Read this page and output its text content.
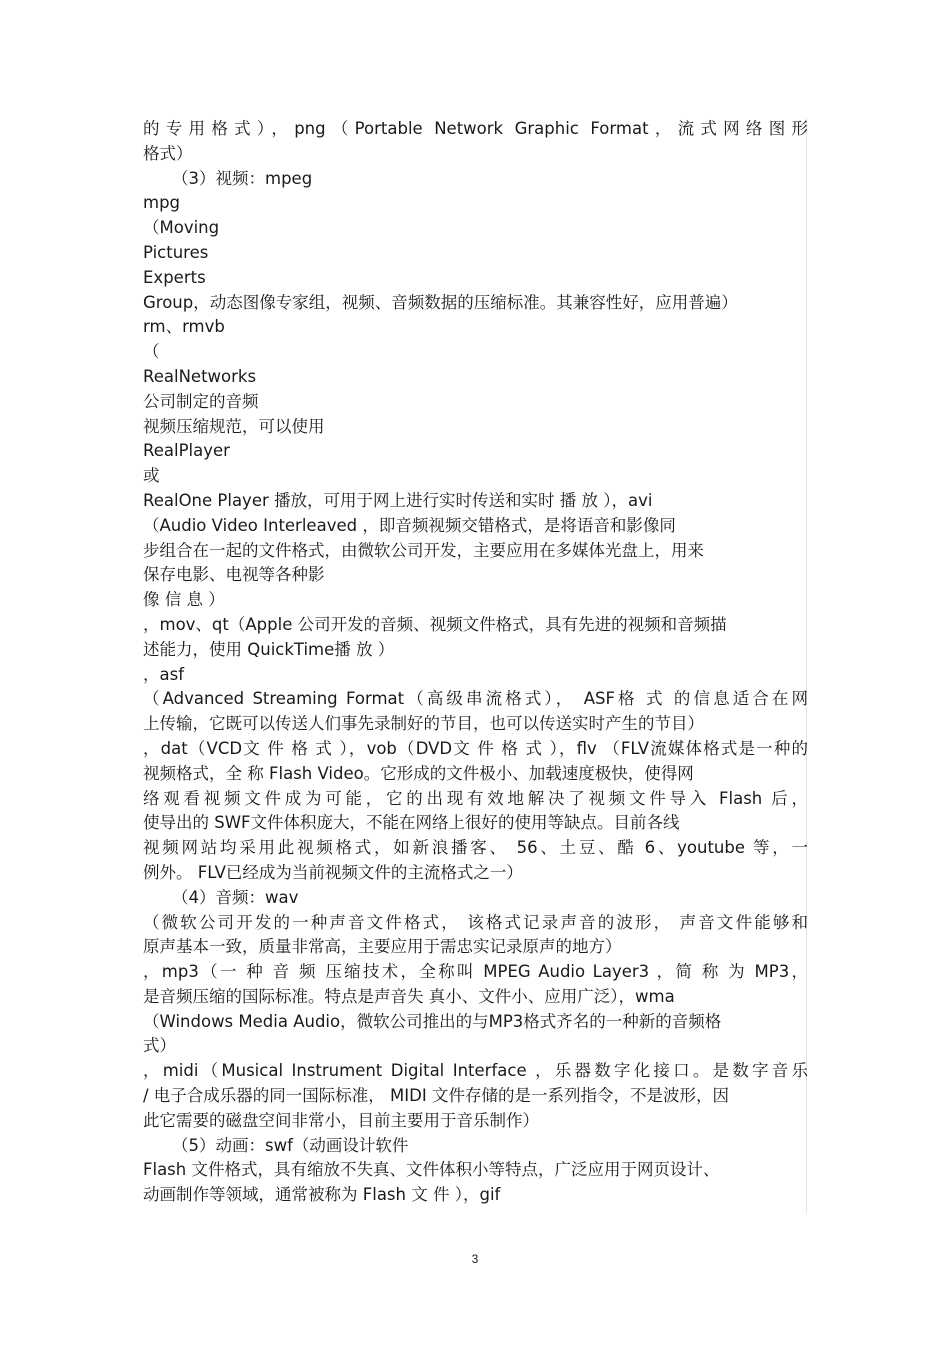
的专用格式），png（Portable Network Graphic Format，流式网络图形
格式）
（3）视频：mpeg
mpg
（Moving
Pictures
Experts
Group，动态图像专家组，视频、音频数据的压缩标准。其兼容性好，应用普遍）
rm、rmvb
（
RealNetworks
公司制定的音频
视频压缩规范，可以使用
RealPlayer
或
RealOne Player 播放，可用于网上进行实时传送和实时 播 放 ），avi
（Audio Video Interleaved ，即音频视频交错格式，是将语音和影像同
步组合在一起的文件格式，由微软公司开发，主要应用在多媒体光盘上，用来
保存电影、电视等各种影
像 信 息 ）
，mov、qt（Apple 公司开发的音频、视频文件格式，具有先进的视频和音频描
述能力，使用 QuickTime播 放 ）
，asf
（Advanced Streaming Format（高级串流格式）， ASF格 式 的信息适合在网
上传输，它既可以传送人们事先录制好的节目，也可以传送实时产生的节目）
，dat（VCD文 件 格 式 ），vob（DVD文 件 格 式 ），flv （FLV流媒体格式是一种的
视频格式，全 称 Flash Video。它形成的文件极小、加载速度极快，使得网
络观看视频文件成为可能，它的出现有效地解决了视频文件导入 Flash 后，
使导出的 SWF文件体积庞大，不能在网络上很好的使用等缺点。目前各线
视频网站均采用此视频格式，如新浪播客、 56、土豆、酷 6、youtube 等，一
例外。 FLV已经成为当前视频文件的主流格式之一）
（4）音频：wav
（微软公司开发的一种声音文件格式， 该格式记录声音的波形， 声音文件能够和
原声基本一致，质量非常高，主要应用于需忠实记录原声的地方）
，mp3（一 种 音 频 压缩技术，全称叫 MPEG Audio Layer3 ，简 称 为 MP3，
是音频压缩的国际标准。特点是声音失 真小、文件小、应用广泛），wma
（Windows Media Audio，微软公司推出的与MP3格式齐名的一种新的音频格
式）
，midi（Musical Instrument Digital Interface ，乐器数字化接口。是数字音乐
/ 电子合成乐器的同一国际标准， MIDI 文件存储的是一系列指令，不是波形，因
此它需要的磁盘空间非常小，目前主要用于音乐制作）
（5）动画：swf（动画设计软件
Flash 文件格式，具有缩放不失真、文件体积小等特点，广泛应用于网页设计、
动画制作等领域，通常被称为 Flash 文 件 ），gif
3
